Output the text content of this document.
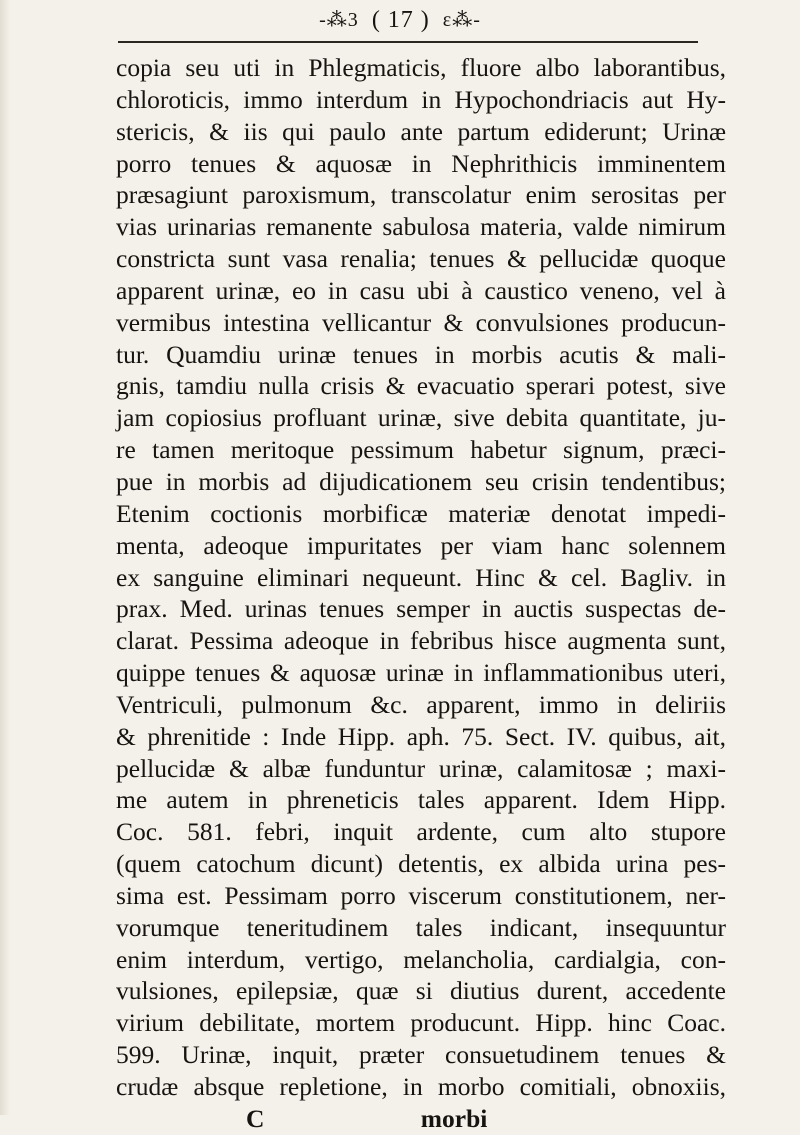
-⁂3 ( 17 ) ε⁂-
copia seu uti in Phlegmaticis, fluore albo laborantibus,
chloroticis, immo interdum in Hypochondriacis aut Hy-
stericis, & iis qui paulo ante partum ediderunt; Urinæ
porro tenues & aquosæ in Nephrithicis imminentem
præsagiunt paroxismum, transcolatur enim serositas per
vias urinarias remanente sabulosa materia, valde nimirum
constricta sunt vasa renalia; tenues & pellucidæ quoque
apparent urinæ, eo in casu ubi à caustico veneno, vel à
vermibus intestina vellicantur & convulsiones producun-
tur. Quamdiu urinæ tenues in morbis acutis & mali-
gnis, tamdiu nulla crisis & evacuatio sperari potest, sive
jam copiosius profluant urinæ, sive debita quantitate, ju-
re tamen meritoque pessimum habetur signum, præci-
pue in morbis ad dijudicationem seu crisin tendentibus;
Etenim coctionis morbificæ materiæ denotat impedi-
menta, adeoque impuritates per viam hanc solennem
ex sanguine eliminari nequeunt. Hinc & cel. Bagliv. in
prax. Med. urinas tenues semper in auctis suspectas de-
clarat. Pessima adeoque in febribus hisce augmenta sunt,
quippe tenues & aquosæ urinæ in inflammationibus uteri,
Ventriculi, pulmonum &c. apparent, immo in deliriis
& phrenitide : Inde Hipp. aph. 75. Sect. IV. quibus, ait,
pellucidæ & albæ funduntur urinæ, calamitosæ ; maxi-
me autem in phreneticis tales apparent. Idem Hipp.
Coc. 581. febri, inquit ardente, cum alto stupore
(quem catochum dicunt) detentis, ex albida urina pes-
sima est. Pessimam porro viscerum constitutionem, ner-
vorumque teneritudinem tales indicant, insequuntur
enim interdum, vertigo, melancholia, cardialgia, con-
vulsiones, epilepsiæ, quæ si diutius durent, accedente
virium debilitate, mortem producunt. Hipp. hinc Coac.
599. Urinæ, inquit, præter consuetudinem tenues &
crudæ absque repletione, in morbo comitiali, obnoxiis,
C	morbi
